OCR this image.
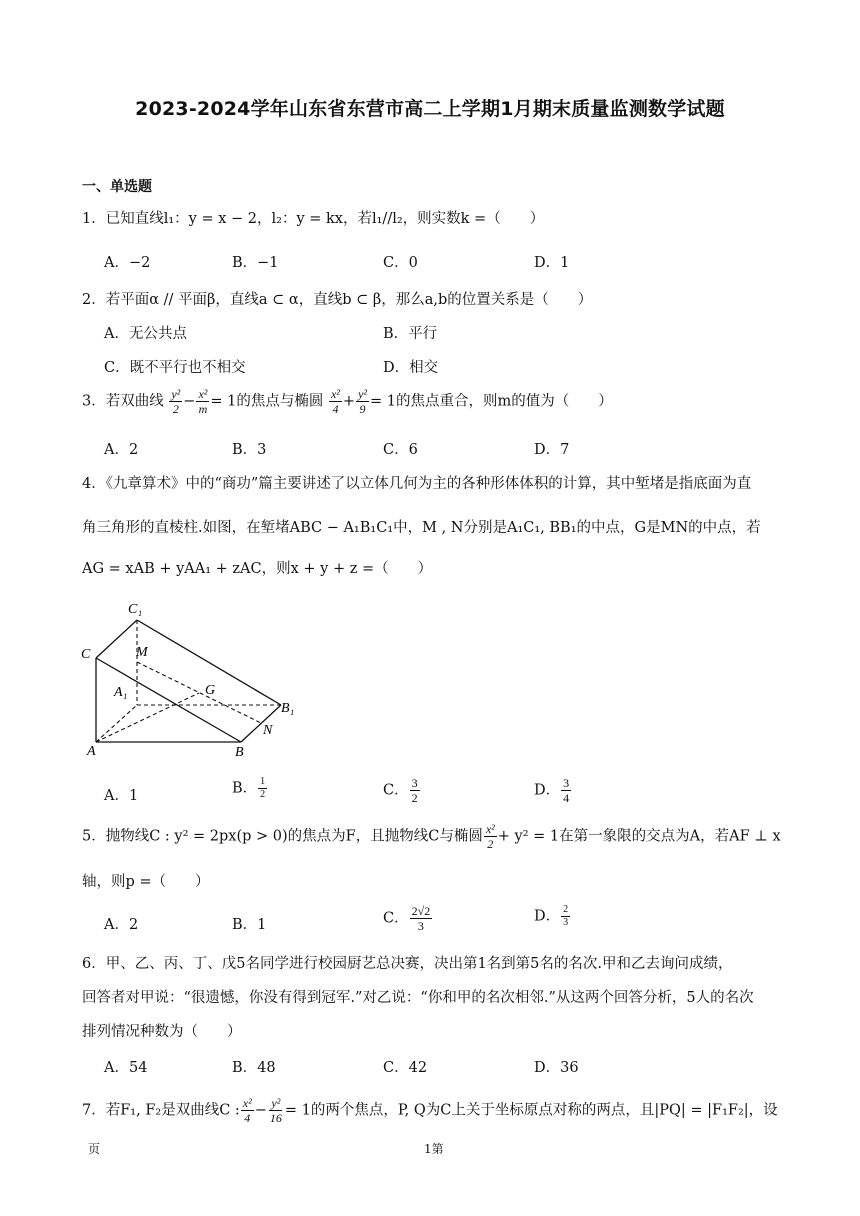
2023-2024学年山东省东营市高二上学期1月期末质量监测数学试题
一、单选题
1．已知直线l₁：y = x − 2，l₂：y = kx，若l₁//l₂，则实数k =（　　）
A．−2	B．−1	C．0	D．1
2．若平面α // 平面β，直线a ⊂ α，直线b ⊂ β，那么a,b的位置关系是（　　）
A．无公共点	B．平行
C．既不平行也不相交	D．相交
3．若双曲线 $\frac{\text{y²}}{2} - \frac{\text{x²}}{m} = 1$的焦点与椭圆 $\frac{\text{x²}}{4} + \frac{\text{y²}}{9} = 1$的焦点重合，则m的值为（　　）
A．2	B．3	C．6	D．7
4．《九章算术》中的“商功”篇主要讲述了以立体几何为主的各种形体体积的计算，其中堑堵是指底面为直
角三角形的直棱柱.如图，在堑堵ABC − A₁B₁C₁中，M , N分别是A₁C₁, BB₁的中点，G是MN的中点，若
AG = xAB + yAA₁ + zAC，则x + y + z =（　　）
C₁
C	M
A₁	G
B₁
N
A	B
A．1	B． $\frac{1}{2}$	C． $\frac{3}{2}$	D． $\frac{3}{4}$
5．抛物线C : y² = 2px(p > 0)的焦点为F，且抛物线C与椭圆 $\frac{\text{x²}}{2} + y^2 = 1$在第一象限的交点为A，若AF ⊥ x
轴，则p =（　　）
A．2	B．1	C． $\frac{2√2}{3}$	D． $\frac{2}{3}$
6．甲、乙、丙、丁、戊5名同学进行校园厨艺总决赛，决出第1名到第5名的名次.甲和乙去询问成绩，
回答者对甲说：“很遗憾，你没有得到冠军.”对乙说：“你和甲的名次相邻.”从这两个回答分析，5人的名次
排列情况种数为（　　）
A．54	B．48	C．42	D．36
7．若F₁, F₂是双曲线C : $\frac{\text{x²}}{4} - \frac{\text{y²}}{16} = 1$的两个焦点，P, Q为C上关于坐标原点对称的两点，且|PQ| = |F₁F₂|，设
页	1第
